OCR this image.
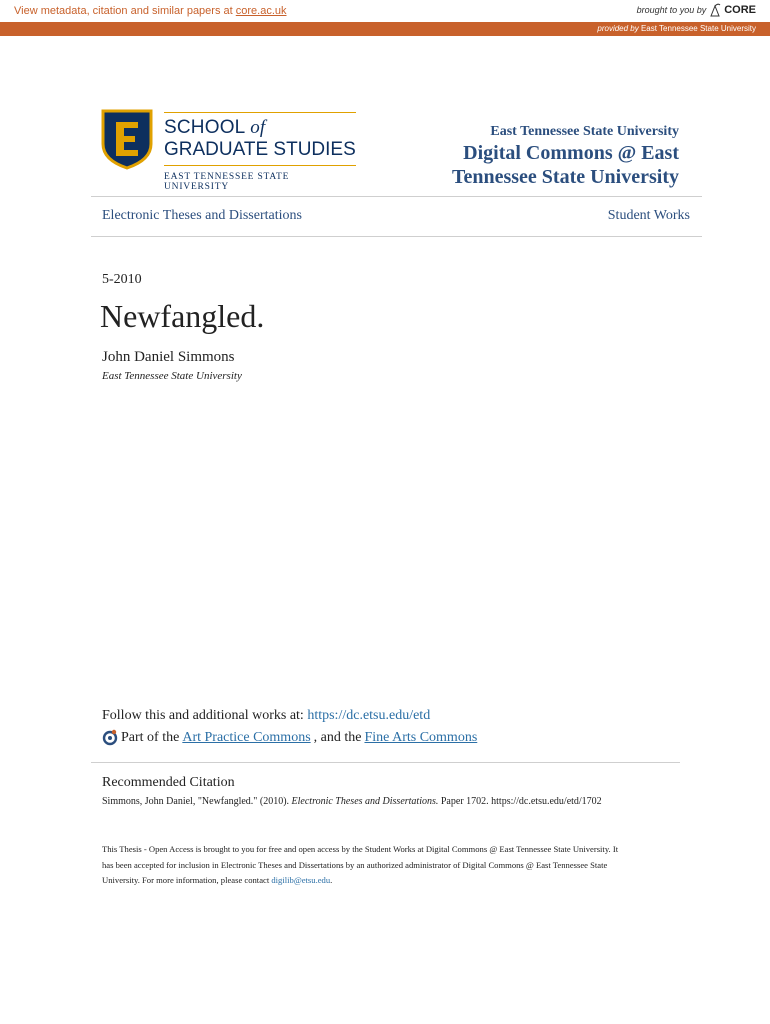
View metadata, citation and similar papers at core.ac.uk	brought to you by CORE
provided by East Tennessee State University
SCHOOL of
GRADUATE STUDIES
EAST TENNESSEE STATE UNIVERSITY
East Tennessee State University
Digital Commons @ East
Tennessee State University
Electronic Theses and Dissertations	Student Works
5-2010
Newfangled.
John Daniel Simmons
East Tennessee State University
Follow this and additional works at: https://dc.etsu.edu/etd
Part of the Art Practice Commons , and the Fine Arts Commons
Recommended Citation
Simmons, John Daniel, "Newfangled." (2010). Electronic Theses and Dissertations. Paper 1702. https://dc.etsu.edu/etd/1702
This Thesis - Open Access is brought to you for free and open access by the Student Works at Digital Commons @ East Tennessee State University. It
has been accepted for inclusion in Electronic Theses and Dissertations by an authorized administrator of Digital Commons @ East Tennessee State
University. For more information, please contact digilib@etsu.edu.
